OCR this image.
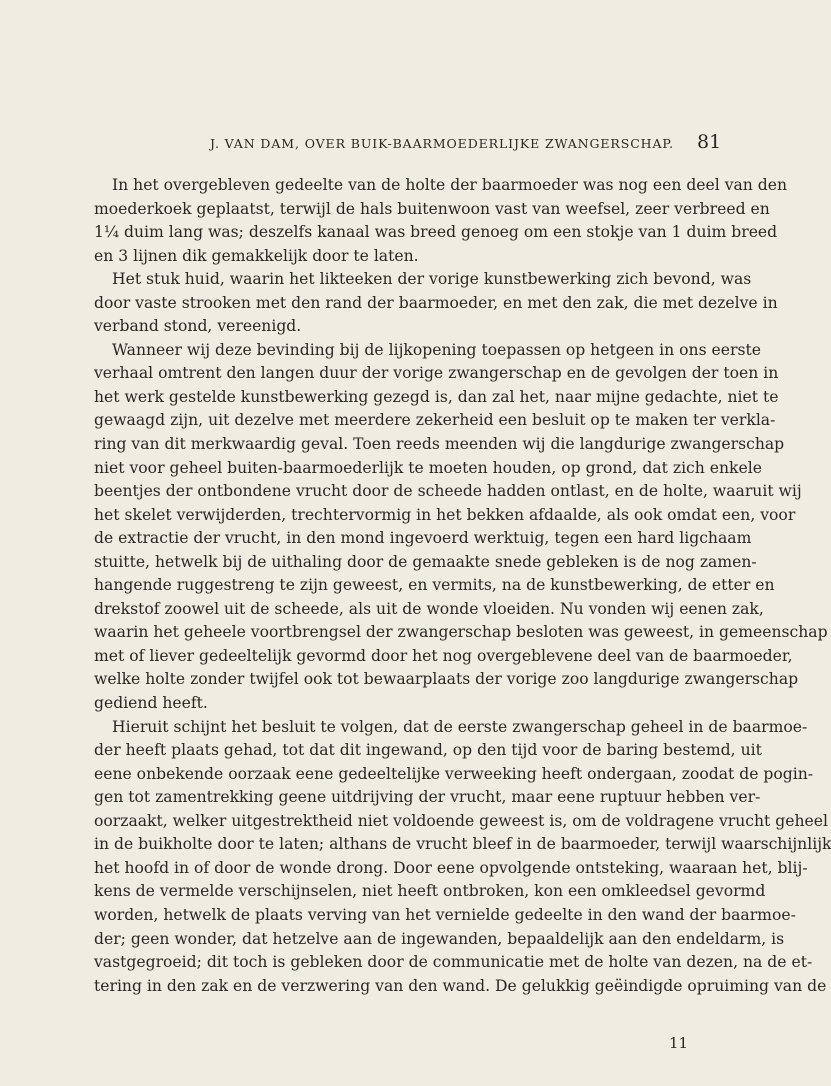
J. VAN DAM, OVER BUIK-BAARMOEDERLIJKE ZWANGERSCHAP. 81
In het overgebleven gedeelte van de holte der baarmoeder was nog een deel van den
moederkoek geplaatst, terwijl de hals buitenwoon vast van weefsel, zeer verbreed en
1¼ duim lang was; deszelfs kanaal was breed genoeg om een stokje van 1 duim breed
en 3 lijnen dik gemakkelijk door te laten.
Het stuk huid, waarin het likteeken der vorige kunstbewerking zich bevond, was
door vaste strooken met den rand der baarmoeder, en met den zak, die met dezelve in
verband stond, vereenigd.
Wanneer wij deze bevinding bij de lijkopening toepassen op hetgeen in ons eerste
verhaal omtrent den langen duur der vorige zwangerschap en de gevolgen der toen in
het werk gestelde kunstbewerking gezegd is, dan zal het, naar mijne gedachte, niet te
gewaagd zijn, uit dezelve met meerdere zekerheid een besluit op te maken ter verkla-
ring van dit merkwaardig geval. Toen reeds meenden wij die langdurige zwangerschap
niet voor geheel buiten-baarmoederlijk te moeten houden, op grond, dat zich enkele
beentjes der ontbondene vrucht door de scheede hadden ontlast, en de holte, waaruit wij
het skelet verwijderden, trechtervormig in het bekken afdaalde, als ook omdat een, voor
de extractie der vrucht, in den mond ingevoerd werktuig, tegen een hard ligchaam
stuitte, hetwelk bij de uithaling door de gemaakte snede gebleken is de nog zamen-
hangende ruggestreng te zijn geweest, en vermits, na de kunstbewerking, de etter en
drekstof zoowel uit de scheede, als uit de wonde vloeiden. Nu vonden wij eenen zak,
waarin het geheele voortbrengsel der zwangerschap besloten was geweest, in gemeenschap
met of liever gedeeltelijk gevormd door het nog overgeblevene deel van de baarmoeder,
welke holte zonder twijfel ook tot bewaarplaats der vorige zoo langdurige zwangerschap
gediend heeft.
Hieruit schijnt het besluit te volgen, dat de eerste zwangerschap geheel in de baarmoe-
der heeft plaats gehad, tot dat dit ingewand, op den tijd voor de baring bestemd, uit
eene onbekende oorzaak eene gedeeltelijke verweeking heeft ondergaan, zoodat de pogin-
gen tot zamentrekking geene uitdrijving der vrucht, maar eene ruptuur hebben ver-
oorzaakt, welker uitgestrektheid niet voldoende geweest is, om de voldragene vrucht geheel
in de buikholte door te laten; althans de vrucht bleef in de baarmoeder, terwijl waarschijnlijk
het hoofd in of door de wonde drong. Door eene opvolgende ontsteking, waaraan het, blij-
kens de vermelde verschijnselen, niet heeft ontbroken, kon een omkleedsel gevormd
worden, hetwelk de plaats verving van het vernielde gedeelte in den wand der baarmoe-
der; geen wonder, dat hetzelve aan de ingewanden, bepaaldelijk aan den endeldarm, is
vastgegroeid; dit toch is gebleken door de communicatie met de holte van dezen, na de et-
tering in den zak en de verzwering van den wand. De gelukkig geëindigde opruiming van de
11
